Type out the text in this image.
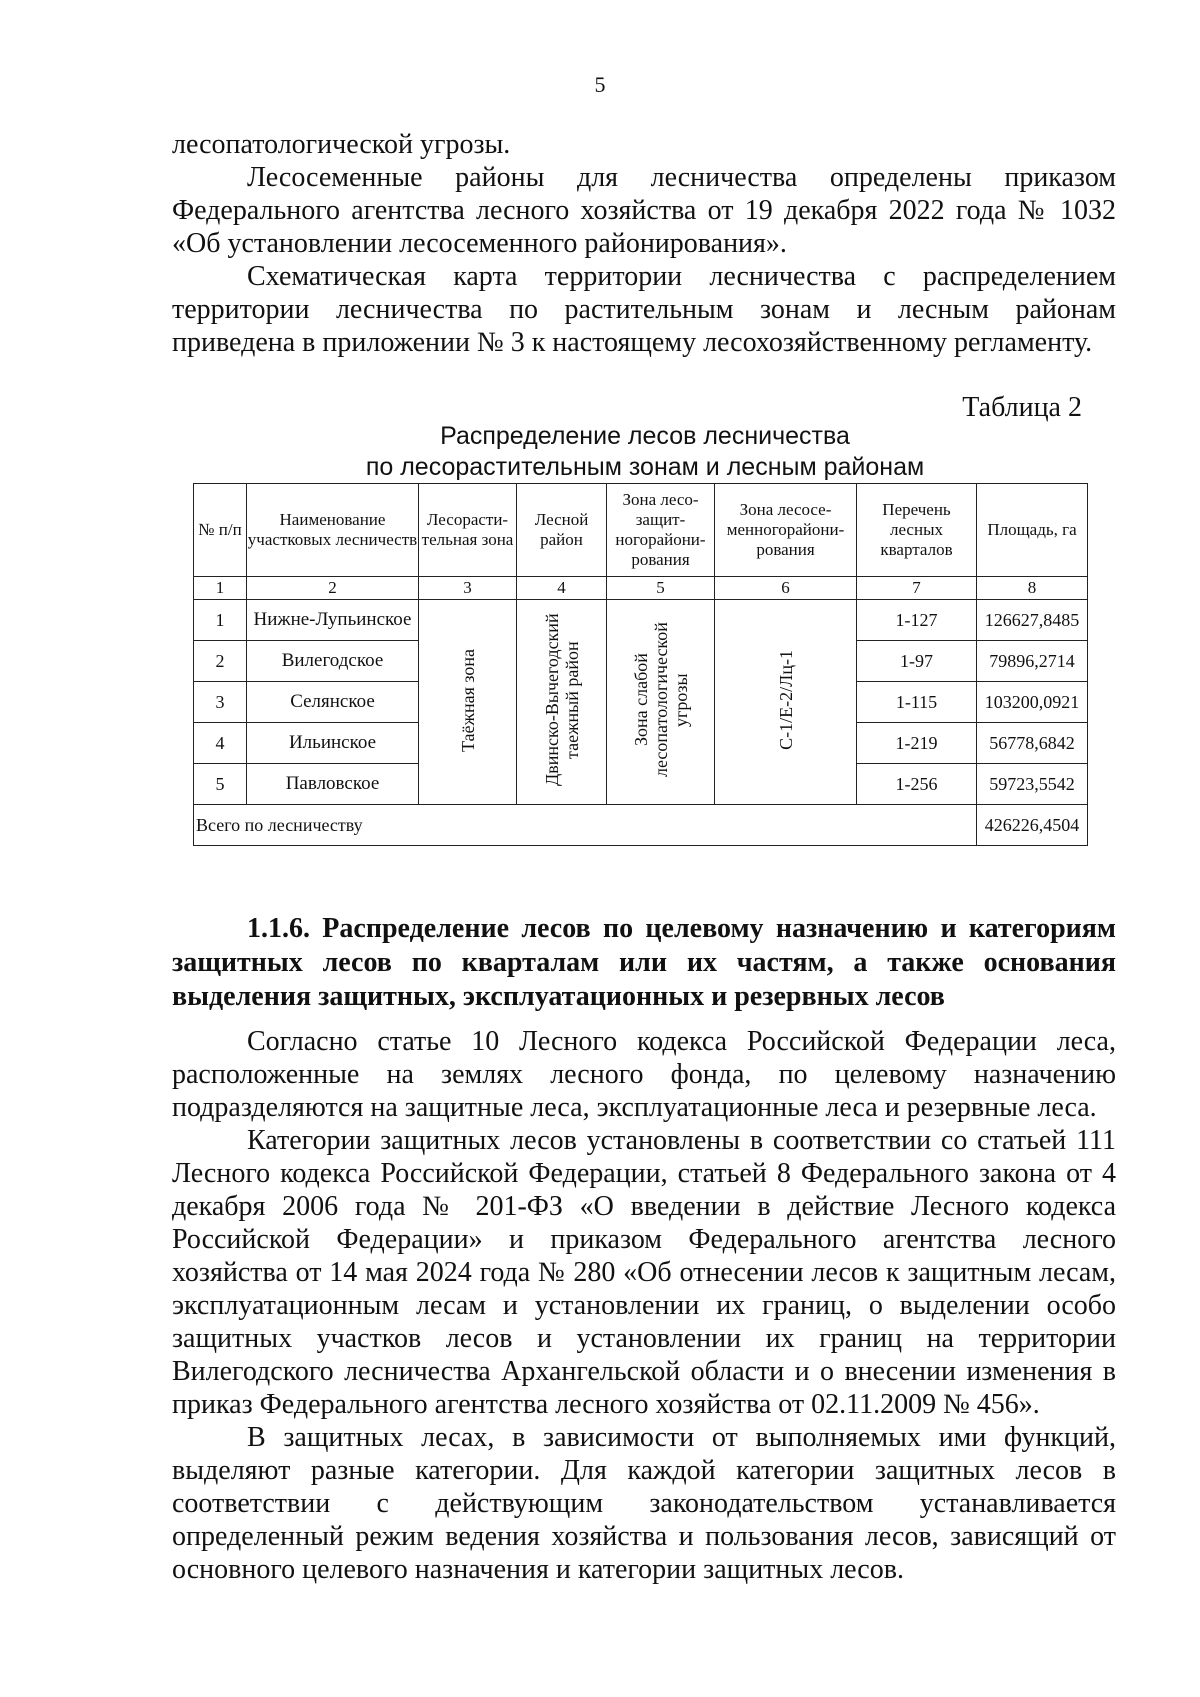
5
лесопатологической угрозы.
Лесосеменные районы для лесничества определены приказом
Федерального агентства лесного хозяйства от 19 декабря 2022 года № 1032
«Об установлении лесосеменного районирования».
Схематическая карта территории лесничества с распределением
территории лесничества по растительным зонам и лесным районам
приведена в приложении № 3 к настоящему лесохозяйственному регламенту.
Таблица 2
Распределение лесов лесничества
по лесорастительным зонам и лесным районам
№ п/п	Наименование участковых лесничеств	Лесорасти-тельная зона	Лесной район	Зона лесо-защит-ногорайони-рования	Зона лесосе-менногорайони-рования	Перечень лесных кварталов	Площадь, га
1	2	3	4	5	6	7	8
1	Нижне-Лупьинское	Таёжная зона	Двинско-Вычегодский таежный район	Зона слабой лесопатологической угрозы	С-1/Е-2/Лц-1	1-127	126627,8485
2	Вилегодское					1-97	79896,2714
3	Селянское					1-115	103200,0921
4	Ильинское					1-219	56778,6842
5	Павловское					1-256	59723,5542
Всего по лесничеству							426226,4504
1.1.6. Распределение лесов по целевому назначению и категориям
защитных лесов по кварталам или их частям, а также основания
выделения защитных, эксплуатационных и резервных лесов
Согласно статье 10 Лесного кодекса Российской Федерации леса,
расположенные на землях лесного фонда, по целевому назначению
подразделяются на защитные леса, эксплуатационные леса и резервные леса.
Категории защитных лесов установлены в соответствии со статьей 111
Лесного кодекса Российской Федерации, статьей 8 Федерального закона от 4
декабря 2006 года № 201-ФЗ «О введении в действие Лесного кодекса
Российской Федерации» и приказом Федерального агентства лесного
хозяйства от 14 мая 2024 года № 280 «Об отнесении лесов к защитным лесам,
эксплуатационным лесам и установлении их границ, о выделении особо
защитных участков лесов и установлении их границ на территории
Вилегодского лесничества Архангельской области и о внесении изменения в
приказ Федерального агентства лесного хозяйства от 02.11.2009 № 456».
В защитных лесах, в зависимости от выполняемых ими функций,
выделяют разные категории. Для каждой категории защитных лесов в
соответствии с действующим законодательством устанавливается
определенный режим ведения хозяйства и пользования лесов, зависящий от
основного целевого назначения и категории защитных лесов.
